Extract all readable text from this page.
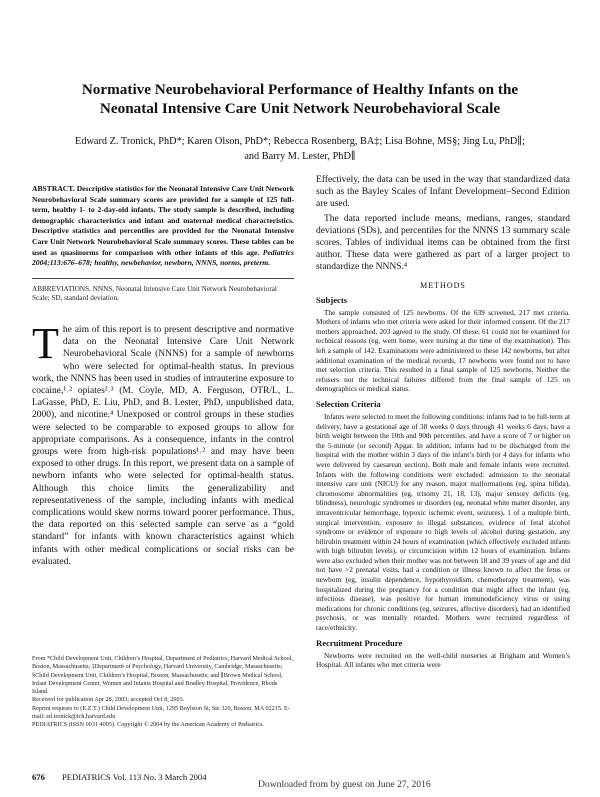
Normative Neurobehavioral Performance of Healthy Infants on the
Neonatal Intensive Care Unit Network Neurobehavioral Scale
Edward Z. Tronick, PhD*; Karen Olson, PhD*; Rebecca Rosenberg, BA‡; Lisa Bohne, MS§; Jing Lu, PhD∥;
and Barry M. Lester, PhD∥
ABSTRACT. Descriptive statistics for the Neonatal Intensive Care Unit Network Neurobehavioral Scale summary scores are provided for a sample of 125 full-term, healthy 1- to 2-day-old infants. The study sample is described, including demographic characteristics and infant and maternal medical characteristics. Descriptive statistics and percentiles are provided for the Neonatal Intensive Care Unit Network Neurobehavioral Scale summary scores. These tables can be used as quasinorms for comparison with other infants of this age. Pediatrics 2004;113:676–678; healthy, newbehavior, newborn, NNNS, norms, preterm.
ABBREVIATIONS. NNNS, Neonatal Intensive Care Unit Network Neurobehavioral Scale; SD, standard deviation.
The aim of this report is to present descriptive and normative data on the Neonatal Intensive Care Unit Network Neurobehavioral Scale (NNNS) for a sample of newborns who were selected for optimal-health status. In previous work, the NNNS has been used in studies of intrauterine exposure to cocaine,¹˒² opiates²˒³ (M. Coyle, MD, A. Ferguson, OTR/L, L. LaGasse, PhD, E. Liu, PhD, and B. Lester, PhD, unpublished data, 2000), and nicotine.⁴ Unexposed or control groups in these studies were selected to be comparable to exposed groups to allow for appropriate comparisons. As a consequence, infants in the control groups were from high-risk populations¹˒² and may have been exposed to other drugs. In this report, we present data on a sample of newborn infants who were selected for optimal-health status. Although this choice limits the generalizability and representativeness of the sample, including infants with medical complications would skew norms toward poorer performance. Thus, the data reported on this selected sample can serve as a “gold standard” for infants with known characteristics against which infants with other medical complications or social risks can be evaluated.
From *Child Development Unit, Children’s Hospital, Department of Pediatrics, Harvard Medical School, Boston, Massachusetts; ‡Department of Psychology, Harvard University, Cambridge, Massachusetts; §Child Development Unit, Children’s Hospital, Boston, Massachusetts; and ∥Brown Medical School, Infant Development Center, Women and Infants Hospital and Bradley Hospital, Providence, Rhode Island.
Received for publication Apr 28, 2003; accepted Oct 8, 2003.
Reprint requests to (E.Z.T.) Child Development Unit, 1295 Boylston St, Ste 320, Boston, MA 02215. E-mail: ed.tronick@tch.harvard.edu
PEDIATRICS (ISSN 0031 4005). Copyright © 2004 by the American Academy of Pediatrics.

Effectively, the data can be used in the way that standardized data such as the Bayley Scales of Infant Development–Second Edition are used.

The data reported include means, medians, ranges, standard deviations (SDs), and percentiles for the NNNS 13 summary scale scores. Tables of individual items can be obtained from the first author. These data were gathered as part of a larger project to standardize the NNNS.⁴

METHODS
Subjects

The sample consisted of 125 newborns. Of the 639 screened, 217 met criteria. Mothers of infants who met criteria were asked for their informed consent. Of the 217 mothers approached, 203 agreed to the study. Of these, 61 could not be examined for technical reasons (eg, went home, were nursing at the time of the examination). This left a sample of 142. Examinations were administered to these 142 newborns, but after additional examination of the medical records, 17 newborns were found not to have met selection criteria. This resulted in a final sample of 125 newborns. Neither the refusers nor the technical failures differed from the final sample of 125 on demographics or medical status.

Selection Criteria

Infants were selected to meet the following conditions: infants had to be full-term at delivery, have a gestational age of 38 weeks 0 days through 41 weeks 6 days, have a birth weight between the 10th and 90th percentiles, and have a score of 7 or higher on the 5-minute (or second) Apgar. In addition, infants had to be discharged from the hospital with the mother within 3 days of the infant’s birth (or 4 days for infants who were delivered by caesarean section). Both male and female infants were recruited. Infants with the following conditions were excluded: admission to the neonatal intensive care unit (NICU) for any reason, major malformations (eg, spina bifida), chromosome abnormalities (eg, trisomy 21, 18, 13), major sensory deficits (eg, blindness), neurologic syndromes or disorders (eg, neonatal white matter disorder, any intraventricular hemorrhage, hypoxic ischemic event, seizures), 1 of a multiple birth, surgical intervention, exposure to illegal substances, evidence of fetal alcohol syndrome or evidence of exposure to high levels of alcohol during gestation, any bilirubin treatment within 24 hours of examination (which effectively excluded infants with high bilirubin levels), or circumcision within 12 hours of examination. Infants were also excluded when their mother was not between 18 and 39 years of age and did not have >2 prenatal visits, had a condition or illness known to affect the fetus or newborn (eg, insulin dependence, hypothyroidism, chemotherapy treatment), was hospitalized during the pregnancy for a condition that might affect the infant (eg, infectious disease), was positive for human immunodeficiency virus or using medications for chronic conditions (eg, seizures, affective disorders), had an identified psychosis, or was mentally retarded. Mothers were recruited regardless of race/ethnicity.

Recruitment Procedure

Newborns were recruited on the well-child nurseries at Brigham and Women’s Hospital. All infants who met criteria were

676 PEDIATRICS Vol. 113 No. 3 March 2004
Downloaded from by guest on June 27, 2016
